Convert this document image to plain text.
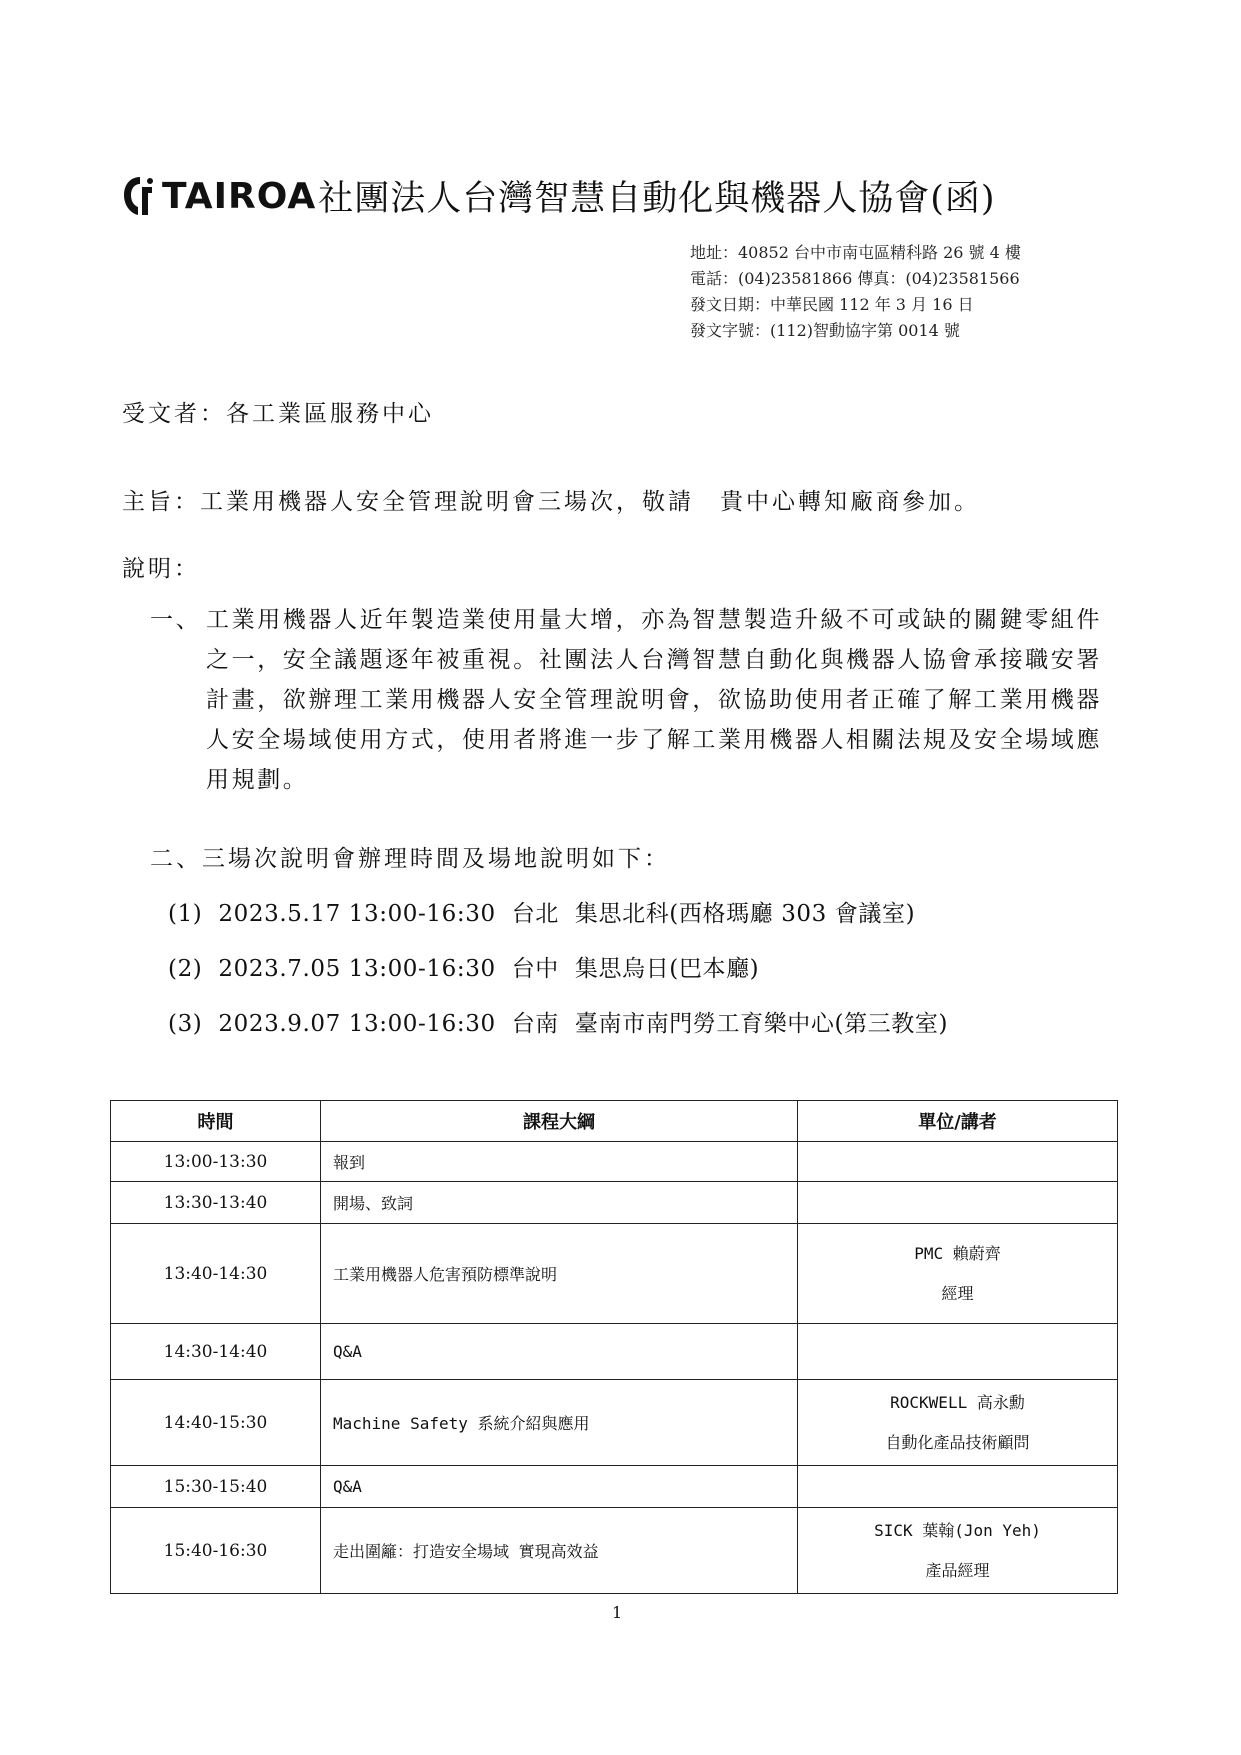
TAIROA 社團法人台灣智慧自動化與機器人協會(函)
地址：40852 台中市南屯區精科路 26 號 4 樓
電話：(04)23581866 傳真：(04)23581566
發文日期：中華民國 112 年 3 月 16 日
發文字號：(112)智動協字第 0014 號
受文者：各工業區服務中心
主旨：工業用機器人安全管理說明會三場次，敬請　貴中心轉知廠商參加。
說明：
一、 工業用機器人近年製造業使用量大增，亦為智慧製造升級不可或缺的關鍵零組件之一，安全議題逐年被重視。社團法人台灣智慧自動化與機器人協會承接職安署計畫，欲辦理工業用機器人安全管理說明會，欲協助使用者正確了解工業用機器人安全場域使用方式，使用者將進一步了解工業用機器人相關法規及安全場域應用規劃。
二、三場次說明會辦理時間及場地說明如下：
(1) 2023.5.17 13:00-16:30 台北 集思北科(西格瑪廳 303 會議室)
(2) 2023.7.05 13:00-16:30 台中 集思烏日(巴本廳)
(3) 2023.9.07 13:00-16:30 台南 臺南市南門勞工育樂中心(第三教室)
時間	課程大綱	單位/講者
13:00-13:30	報到	

13:30-13:40	開場、致詞	

13:40-14:30	工業用機器人危害預防標準說明	PMC 賴蔚齊
經理

14:30-14:40	Q&A	

14:40-15:30	Machine Safety 系統介紹與應用	ROCKWELL 高永勳
自動化產品技術顧問

15:30-15:40	Q&A	

15:40-16:30	走出圍籬：打造安全場域 實現高效益	SICK 葉翰(Jon Yeh)
產品經理
1
